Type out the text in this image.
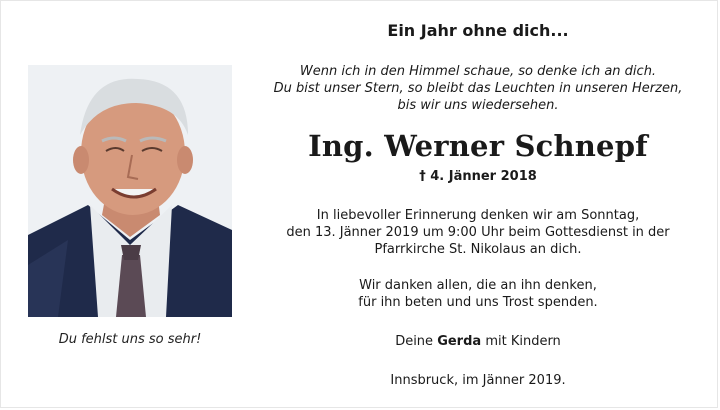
Du fehlst uns so sehr!
Ein Jahr ohne dich...
Wenn ich in den Himmel schaue, so denke ich an dich.
Du bist unser Stern, so bleibt das Leuchten in unseren Herzen,
bis wir uns wiedersehen.
Ing. Werner Schnepf
† 4. Jänner 2018
In liebevoller Erinnerung denken wir am Sonntag,
den 13. Jänner 2019 um 9:00 Uhr beim Gottesdienst in der
Pfarrkirche St. Nikolaus an dich.
Wir danken allen, die an ihn denken,
für ihn beten und uns Trost spenden.
Deine Gerda mit Kindern
Innsbruck, im Jänner 2019.
